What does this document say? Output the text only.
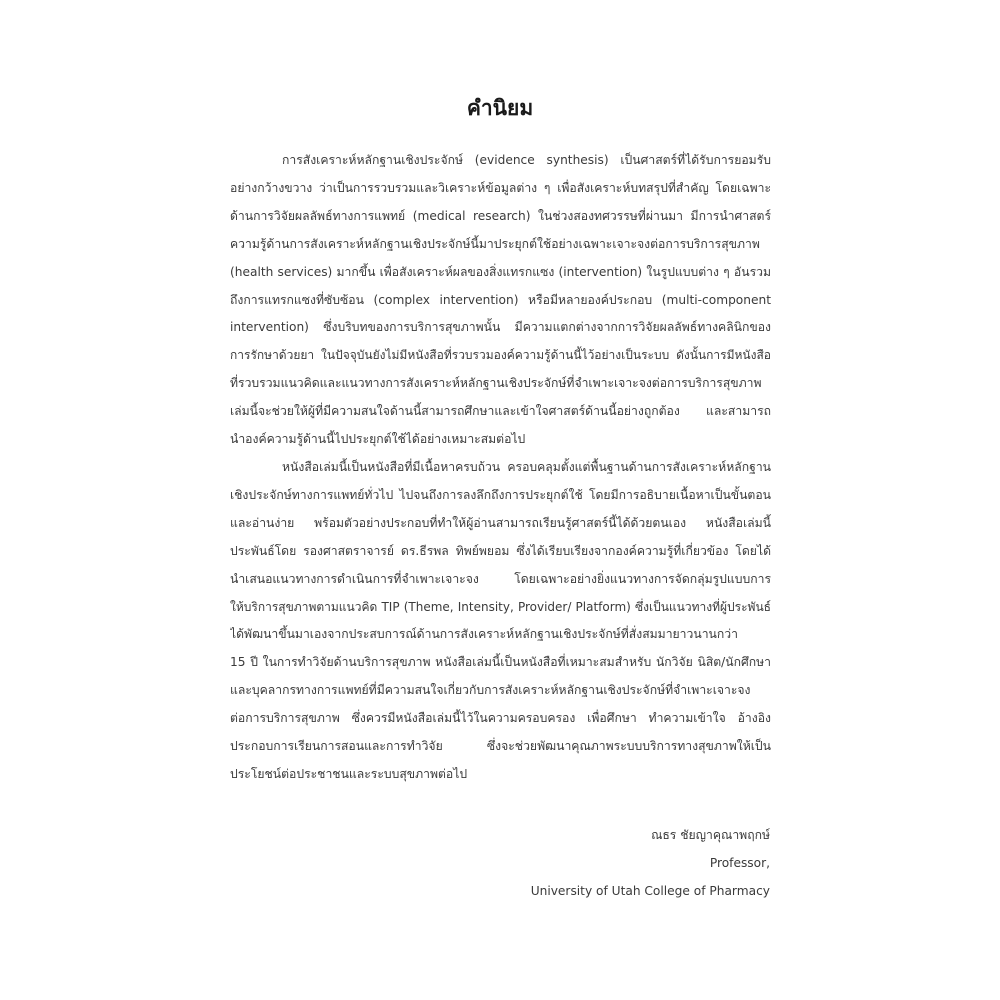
คำนิยม
การสังเคราะห์หลักฐานเชิงประจักษ์ (evidence synthesis) เป็นศาสตร์ที่ได้รับการยอมรับ
อย่างกว้างขวาง ว่าเป็นการรวบรวมและวิเคราะห์ข้อมูลต่าง ๆ เพื่อสังเคราะห์บทสรุปที่สำคัญ โดยเฉพาะ
ด้านการวิจัยผลลัพธ์ทางการแพทย์ (medical research) ในช่วงสองทศวรรษที่ผ่านมา มีการนำศาสตร์
ความรู้ด้านการสังเคราะห์หลักฐานเชิงประจักษ์นี้มาประยุกต์ใช้อย่างเฉพาะเจาะจงต่อการบริการสุขภาพ
(health services) มากขึ้น เพื่อสังเคราะห์ผลของสิ่งแทรกแซง (intervention) ในรูปแบบต่าง ๆ อันรวม
ถึงการแทรกแซงที่ซับซ้อน (complex intervention) หรือมีหลายองค์ประกอบ (multi-component
intervention) ซึ่งบริบทของการบริการสุขภาพนั้น มีความแตกต่างจากการวิจัยผลลัพธ์ทางคลินิกของ
การรักษาด้วยยา ในปัจจุบันยังไม่มีหนังสือที่รวบรวมองค์ความรู้ด้านนี้ไว้อย่างเป็นระบบ ดังนั้นการมีหนังสือ
ที่รวบรวมแนวคิดและแนวทางการสังเคราะห์หลักฐานเชิงประจักษ์ที่จำเพาะเจาะจงต่อการบริการสุขภาพ
เล่มนี้จะช่วยให้ผู้ที่มีความสนใจด้านนี้สามารถศึกษาและเข้าใจศาสตร์ด้านนี้อย่างถูกต้อง และสามารถ
นำองค์ความรู้ด้านนี้ไปประยุกต์ใช้ได้อย่างเหมาะสมต่อไป
หนังสือเล่มนี้เป็นหนังสือที่มีเนื้อหาครบถ้วน ครอบคลุมตั้งแต่พื้นฐานด้านการสังเคราะห์หลักฐาน
เชิงประจักษ์ทางการแพทย์ทั่วไป ไปจนถึงการลงลึกถึงการประยุกต์ใช้ โดยมีการอธิบายเนื้อหาเป็นขั้นตอน
และอ่านง่าย พร้อมตัวอย่างประกอบที่ทำให้ผู้อ่านสามารถเรียนรู้ศาสตร์นี้ได้ด้วยตนเอง หนังสือเล่มนี้
ประพันธ์โดย รองศาสตราจารย์ ดร.ธีรพล ทิพย์พยอม ซึ่งได้เรียบเรียงจากองค์ความรู้ที่เกี่ยวข้อง โดยได้
นำเสนอแนวทางการดำเนินการที่จำเพาะเจาะจง โดยเฉพาะอย่างยิ่งแนวทางการจัดกลุ่มรูปแบบการ
ให้บริการสุขภาพตามแนวคิด TIP (Theme, Intensity, Provider/ Platform) ซึ่งเป็นแนวทางที่ผู้ประพันธ์
ได้พัฒนาขึ้นมาเองจากประสบการณ์ด้านการสังเคราะห์หลักฐานเชิงประจักษ์ที่สั่งสมมายาวนานกว่า
15 ปี ในการทำวิจัยด้านบริการสุขภาพ หนังสือเล่มนี้เป็นหนังสือที่เหมาะสมสำหรับ นักวิจัย นิสิต/นักศึกษา
และบุคลากรทางการแพทย์ที่มีความสนใจเกี่ยวกับการสังเคราะห์หลักฐานเชิงประจักษ์ที่จำเพาะเจาะจง
ต่อการบริการสุขภาพ ซึ่งควรมีหนังสือเล่มนี้ไว้ในความครอบครอง เพื่อศึกษา ทำความเข้าใจ อ้างอิง
ประกอบการเรียนการสอนและการทำวิจัย ซึ่งจะช่วยพัฒนาคุณภาพระบบบริการทางสุขภาพให้เป็น
ประโยชน์ต่อประชาชนและระบบสุขภาพต่อไป
ณธร ชัยญาคุณาพฤกษ์
Professor,
University of Utah College of Pharmacy
